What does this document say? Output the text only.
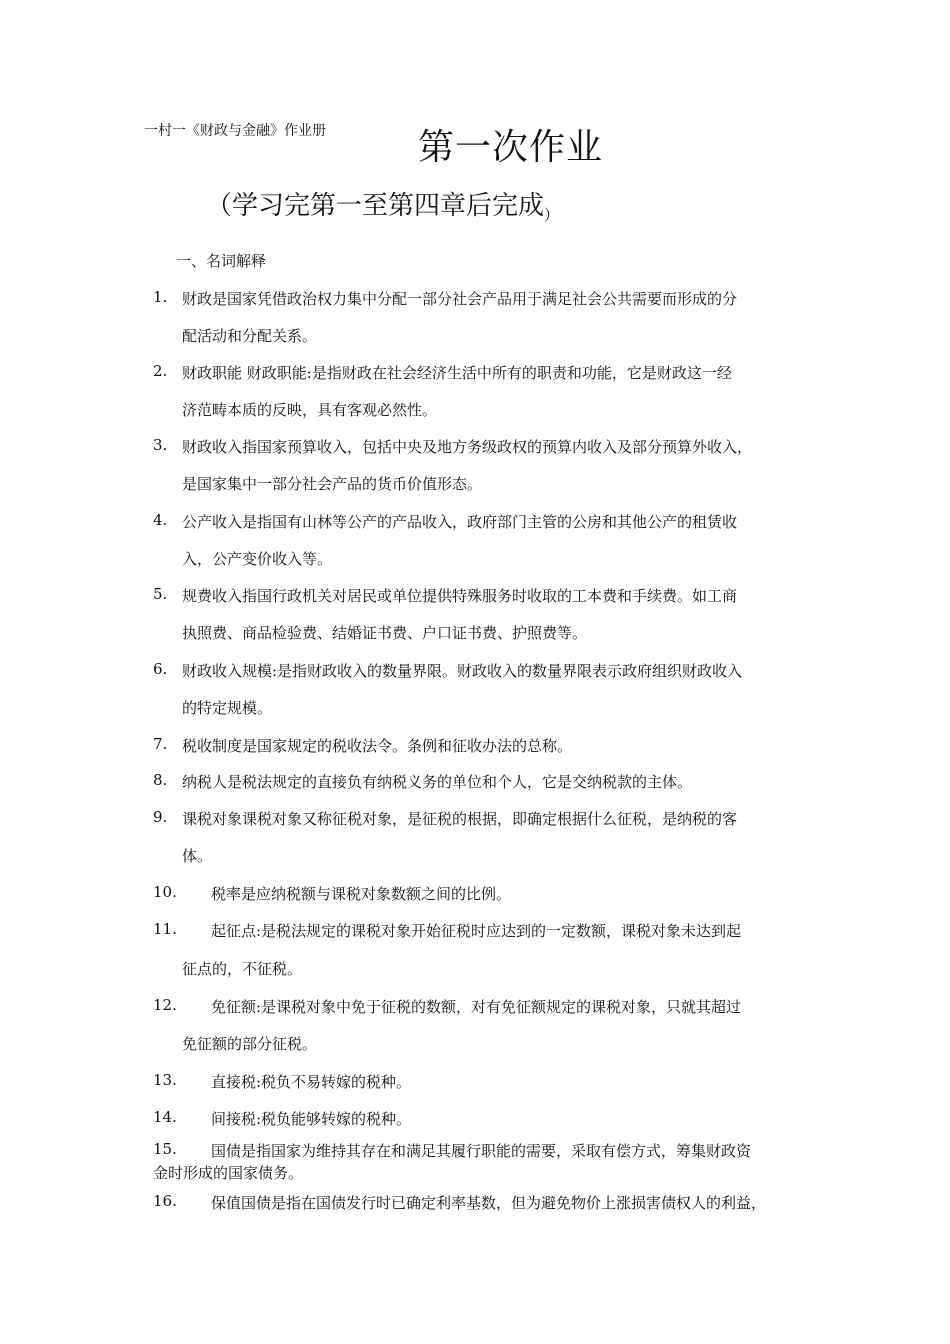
一村一《财政与金融》作业册	第一次作业
（学习完第一至第四章后完成$_)$
一、名词解释
1. 财政是国家凭借政治权力集中分配一部分社会产品用于满足社会公共需要而形成的分
配活动和分配关系。
2. 财政职能 财政职能:是指财政在社会经济生活中所有的职责和功能，它是财政这一经
济范畴本质的反映，具有客观必然性。
3. 财政收入指国家预算收入，包括中央及地方务级政权的预算内收入及部分预算外收入，
是国家集中一部分社会产品的货币价值形态。
4. 公产收入是指国有山林等公产的产品收入，政府部门主管的公房和其他公产的租赁收
入，公产变价收入等。
5. 规费收入指国行政机关对居民或单位提供特殊服务时收取的工本费和手续费。如工商
执照费、商品检验费、结婚证书费、户口证书费、护照费等。
6. 财政收入规模:是指财政收入的数量界限。财政收入的数量界限表示政府组织财政收入
的特定规模。
7. 税收制度是国家规定的税收法令。条例和征收办法的总称。
8. 纳税人是税法规定的直接负有纳税义务的单位和个人，它是交纳税款的主体。
9. 课税对象课税对象又称征税对象，是征税的根据，即确定根据什么征税，是纳税的客
体。
10. 税率是应纳税额与课税对象数额之间的比例。
11. 起征点:是税法规定的课税对象开始征税时应达到的一定数额，课税对象未达到起
征点的，不征税。
12. 免征额:是课税对象中免于征税的数额，对有免征额规定的课税对象，只就其超过
免征额的部分征税。
13. 直接税:税负不易转嫁的税种。
14. 间接税:税负能够转嫁的税种。
15. 国债是指国家为维持其存在和满足其履行职能的需要，采取有偿方式，筹集财政资
金时形成的国家债务。
16. 保值国债是指在国债发行时已确定利率基数，但为避免物价上涨损害债权人的利益，
